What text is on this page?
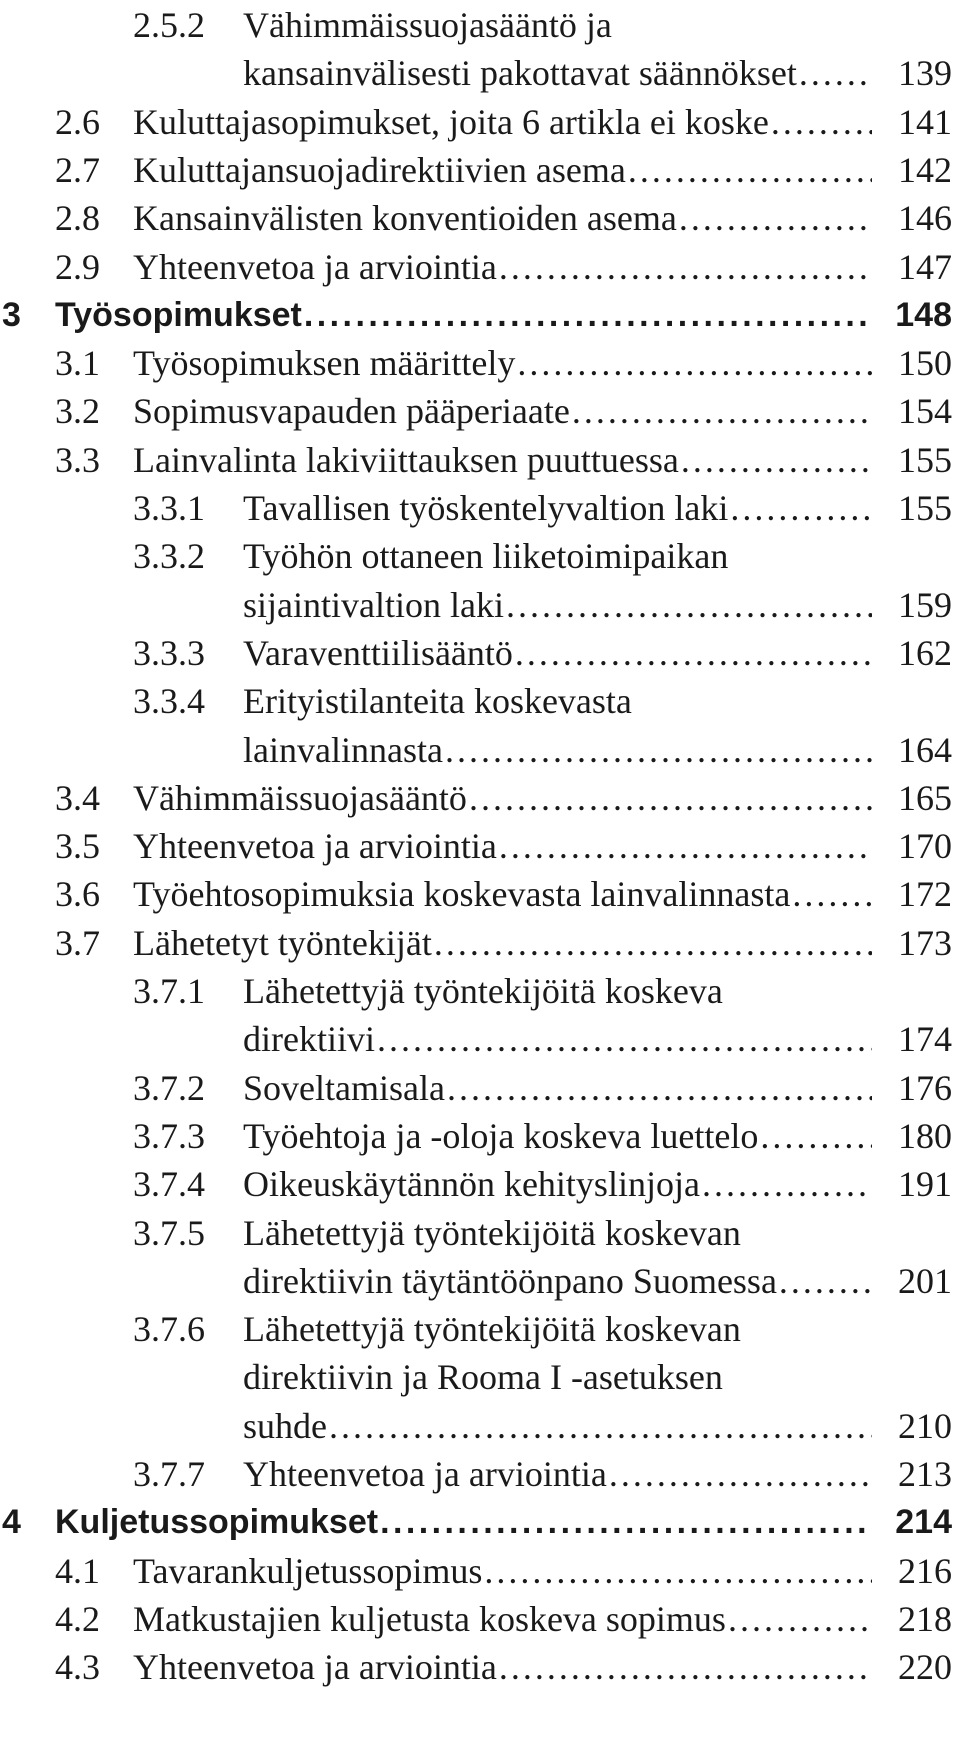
2.5.2 Vähimmäissuojasääntö ja
kansainvälisesti pakottavat säännökset . . .	139
2.6 Kuluttajasopimukset, joita 6 artikla ei koske . . .	141
2.7 Kuluttajansuojadirektiivien asema . . .	142
2.8 Kansainvälisten konventioiden asema . . .	146
2.9 Yhteenvetoa ja arviointia . . .	147
3 Työsopimukset . . .	148
3.1 Työsopimuksen määrittely . . .	150
3.2 Sopimusvapauden pääperiaate . . .	154
3.3 Lainvalinta lakiviittauksen puuttuessa . . .	155
3.3.1 Tavallisen työskentelyvaltion laki . . .	155
3.3.2 Työhön ottaneen liiketoimipaikan
sijaintivaltion laki . . .	159
3.3.3 Varaventtiilisääntö . . .	162
3.3.4 Erityistilanteita koskevasta
lainvalinnasta . . .	164
3.4 Vähimmäissuojasääntö . . .	165
3.5 Yhteenvetoa ja arviointia . . .	170
3.6 Työehtosopimuksia koskevasta lainvalinnasta . . .	172
3.7 Lähetetyt työntekijät . . .	173
3.7.1 Lähetettyjä työntekijöitä koskeva
direktiivi . . .	174
3.7.2 Soveltamisala . . .	176
3.7.3 Työehtoja ja -oloja koskeva luettelo . . .	180
3.7.4 Oikeuskäytännön kehityslinjoja . . .	191
3.7.5 Lähetettyjä työntekijöitä koskevan
direktiivin täytäntöönpano Suomessa . . .	201
3.7.6 Lähetettyjä työntekijöitä koskevan
direktiivin ja Rooma I -asetuksen
suhde . . .	210
3.7.7 Yhteenvetoa ja arviointia . . .	213
4 Kuljetussopimukset . . .	214
4.1 Tavarankuljetussopimus . . .	216
4.2 Matkustajien kuljetusta koskeva sopimus . . .	218
4.3 Yhteenvetoa ja arviointia . . .	220
